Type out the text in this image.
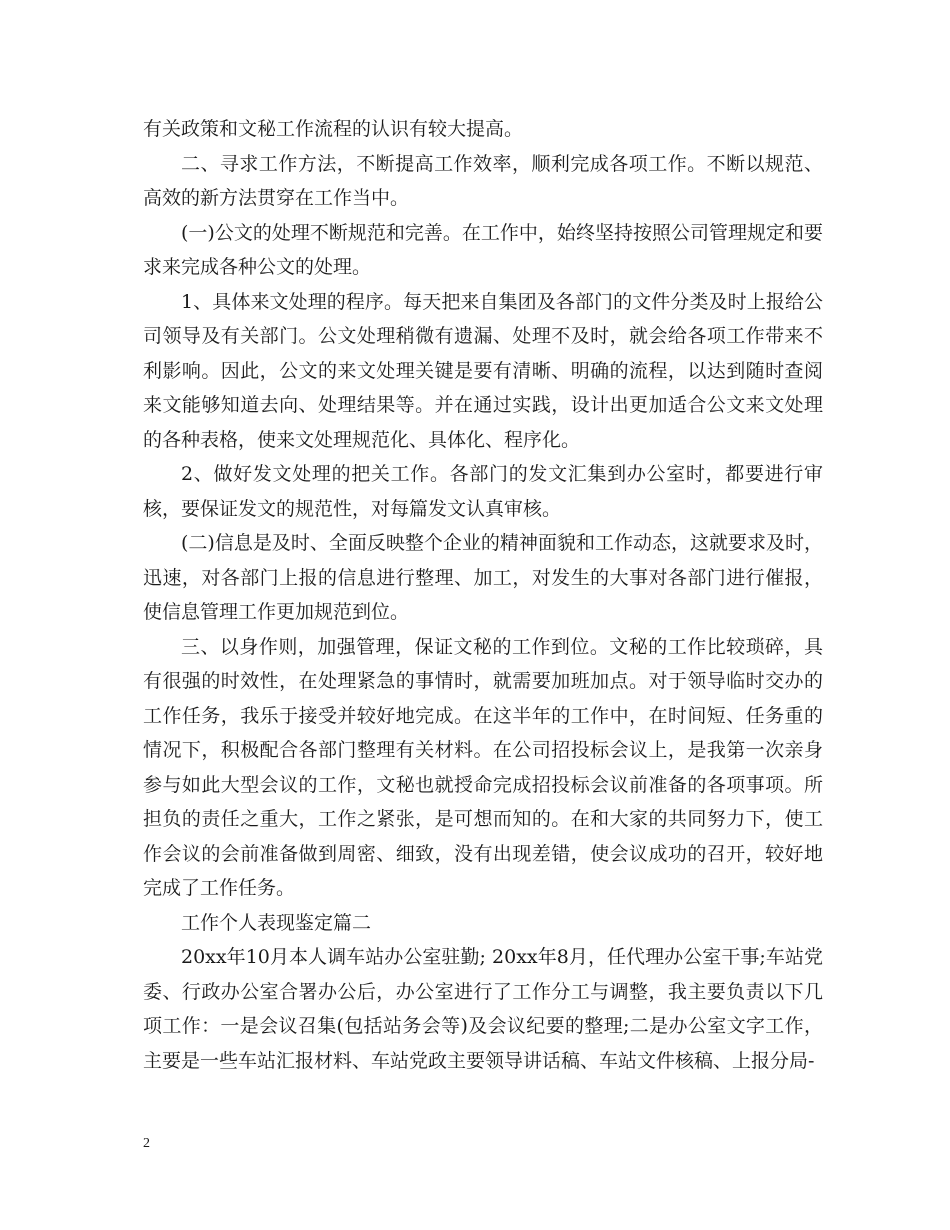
有关政策和文秘工作流程的认识有较大提高。

二、寻求工作方法，不断提高工作效率，顺利完成各项工作。不断以规范、高效的新方法贯穿在工作当中。

(一)公文的处理不断规范和完善。在工作中，始终坚持按照公司管理规定和要求来完成各种公文的处理。

1、具体来文处理的程序。每天把来自集团及各部门的文件分类及时上报给公司领导及有关部门。公文处理稍微有遗漏、处理不及时，就会给各项工作带来不利影响。因此，公文的来文处理关键是要有清晰、明确的流程，以达到随时查阅来文能够知道去向、处理结果等。并在通过实践，设计出更加适合公文来文处理的各种表格，使来文处理规范化、具体化、程序化。

2、做好发文处理的把关工作。各部门的发文汇集到办公室时，都要进行审核，要保证发文的规范性，对每篇发文认真审核。

(二)信息是及时、全面反映整个企业的精神面貌和工作动态，这就要求及时，迅速，对各部门上报的信息进行整理、加工，对发生的大事对各部门进行催报，使信息管理工作更加规范到位。

三、以身作则，加强管理，保证文秘的工作到位。文秘的工作比较琐碎，具有很强的时效性，在处理紧急的事情时，就需要加班加点。对于领导临时交办的工作任务，我乐于接受并较好地完成。在这半年的工作中，在时间短、任务重的情况下，积极配合各部门整理有关材料。在公司招投标会议上，是我第一次亲身参与如此大型会议的工作，文秘也就授命完成招投标会议前准备的各项事项。所担负的责任之重大，工作之紧张，是可想而知的。在和大家的共同努力下，使工作会议的会前准备做到周密、细致，没有出现差错，使会议成功的召开，较好地完成了工作任务。

工作个人表现鉴定篇二

20xx年10月本人调车站办公室驻勤; 20xx年8月，任代理办公室干事;车站党委、行政办公室合署办公后，办公室进行了工作分工与调整，我主要负责以下几项工作：一是会议召集(包括站务会等)及会议纪要的整理;二是办公室文字工作，主要是一些车站汇报材料、车站党政主要领导讲话稿、车站文件核稿、上报分局-

2
